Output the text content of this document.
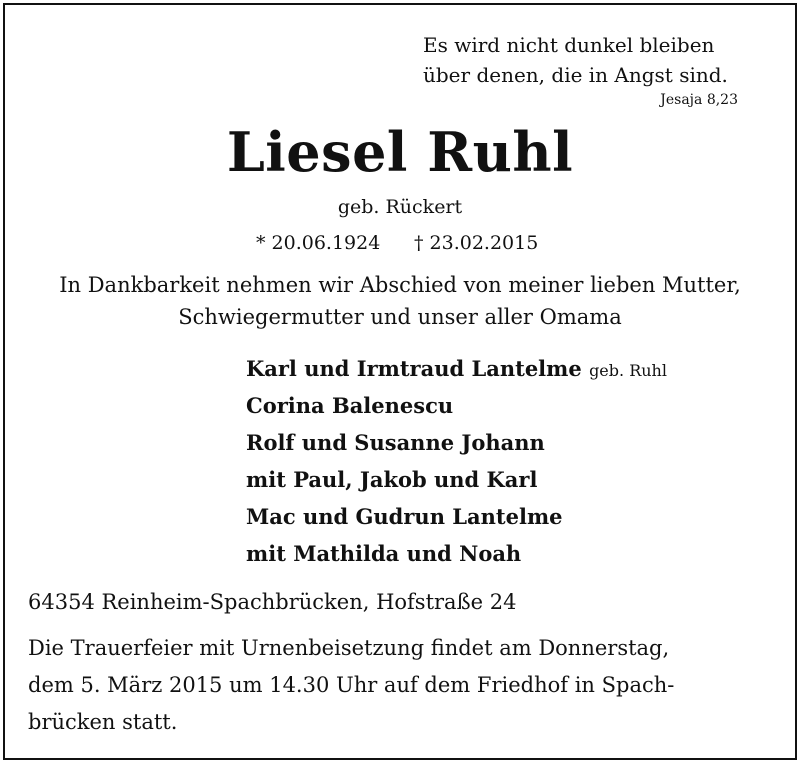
Es wird nicht dunkel bleiben
über denen, die in Angst sind.
Jesaja 8,23
Liesel Ruhl
geb. Rückert
* 20.06.1924 † 23.02.2015
In Dankbarkeit nehmen wir Abschied von meiner lieben Mutter,
Schwiegermutter und unser aller Omama
Karl und Irmtraud Lantelme geb. Ruhl
Corina Balenescu
Rolf und Susanne Johann
mit Paul, Jakob und Karl
Mac und Gudrun Lantelme
mit Mathilda und Noah
64354 Reinheim-Spachbrücken, Hofstraße 24
Die Trauerfeier mit Urnenbeisetzung findet am Donnerstag,
dem 5. März 2015 um 14.30 Uhr auf dem Friedhof in Spach-
brücken statt.
